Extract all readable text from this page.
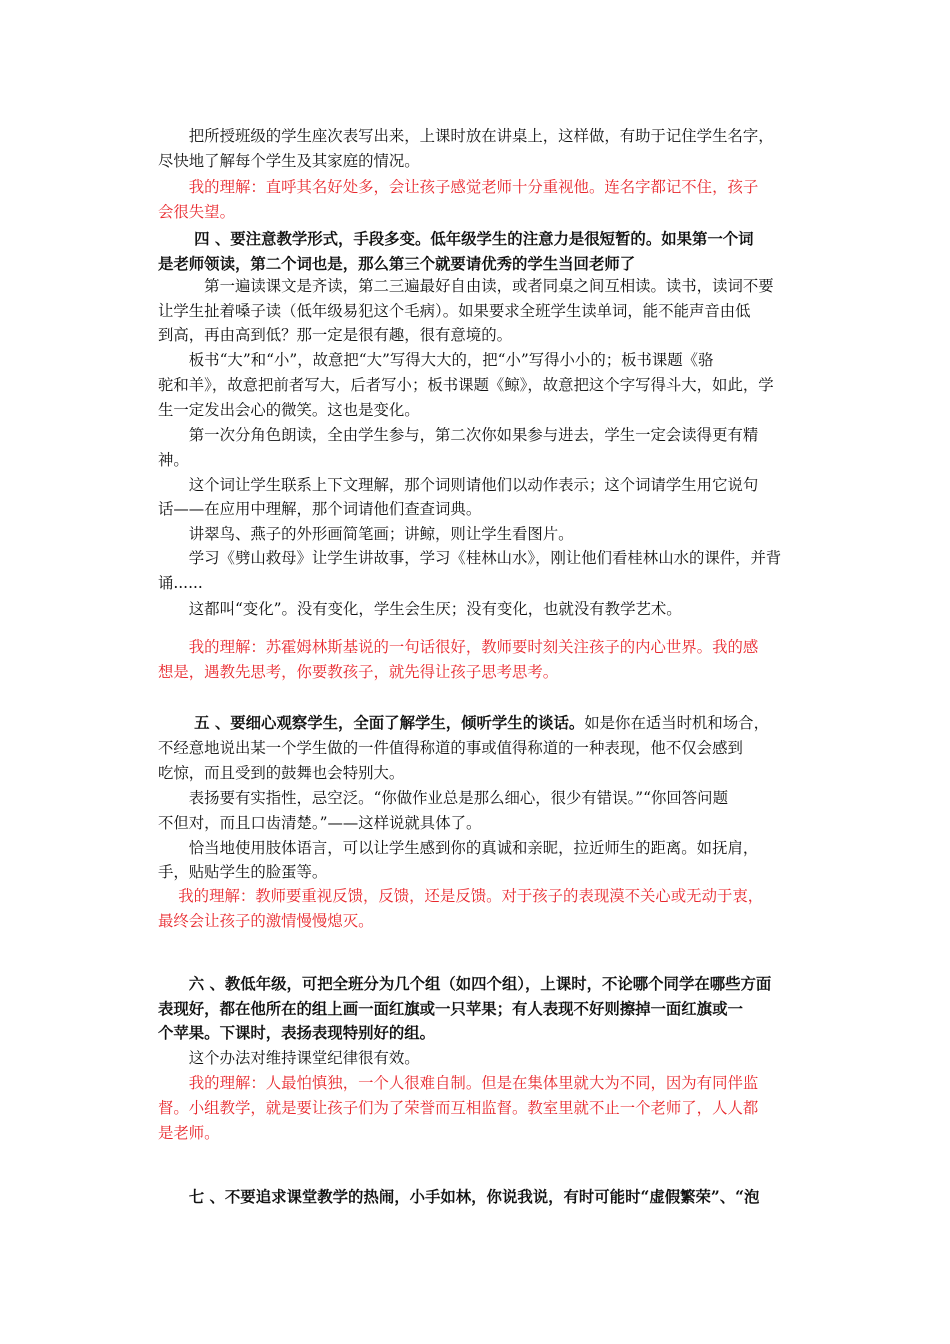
　　把所授班级的学生座次表写出来，上课时放在讲桌上，这样做，有助于记住学生名字，
尽快地了解每个学生及其家庭的情况。
　　我的理解：直呼其名好处多，会让孩子感觉老师十分重视他。连名字都记不住，孩子
会很失望。
　　 四 、要注意教学形式，手段多变。低年级学生的注意力是很短暂的。如果第一个词
是老师领读，第二个词也是，那么第三个就要请优秀的学生当回老师了
　　　第一遍读课文是齐读，第二三遍最好自由读，或者同桌之间互相读。读书，读词不要
让学生扯着嗓子读（低年级易犯这个毛病）。如果要求全班学生读单词，能不能声音由低
到高，再由高到低？那一定是很有趣，很有意境的。
　　板书“大”和“小”，故意把“大”写得大大的，把“小”写得小小的；板书课题《骆
驼和羊》，故意把前者写大，后者写小；板书课题《鲸》，故意把这个字写得斗大，如此，学
生一定发出会心的微笑。这也是变化。
　　第一次分角色朗读，全由学生参与，第二次你如果参与进去，学生一定会读得更有精
神。
　　这个词让学生联系上下文理解，那个词则请他们以动作表示；这个词请学生用它说句
话——在应用中理解，那个词请他们查查词典。
　　讲翠鸟、燕子的外形画简笔画；讲鲸，则让学生看图片。
　　学习《劈山救母》让学生讲故事，学习《桂林山水》，刚让他们看桂林山水的课件，并背
诵......
　　这都叫“变化”。没有变化，学生会生厌；没有变化，也就没有教学艺术。
　　我的理解：苏霍姆林斯基说的一句话很好，教师要时刻关注孩子的内心世界。我的感
想是，遇教先思考，你要教孩子，就先得让孩子思考思考。
　　 五 、要细心观察学生，全面了解学生，倾听学生的谈话。如是你在适当时机和场合，
不经意地说出某一个学生做的一件值得称道的事或值得称道的一种表现，他不仅会感到
吃惊，而且受到的鼓舞也会特别大。
　　表扬要有实指性，忌空泛。“你做作业总是那么细心，很少有错误。”“你回答问题
不但对，而且口齿清楚。”——这样说就具体了。
　　恰当地使用肢体语言，可以让学生感到你的真诚和亲昵，拉近师生的距离。如抚肩，
手，贴贴学生的脸蛋等。
　 我的理解：教师要重视反馈，反馈，还是反馈。对于孩子的表现漠不关心或无动于衷，
最终会让孩子的激情慢慢熄灭。
　　六 、教低年级，可把全班分为几个组（如四个组），上课时，不论哪个同学在哪些方面
表现好，都在他所在的组上画一面红旗或一只苹果；有人表现不好则擦掉一面红旗或一
个苹果。下课时，表扬表现特别好的组。
　　这个办法对维持课堂纪律很有效。
　　我的理解：人最怕慎独，一个人很难自制。但是在集体里就大为不同，因为有同伴监
督。小组教学，就是要让孩子们为了荣誉而互相监督。教室里就不止一个老师了，人人都
是老师。
　　七 、不要追求课堂教学的热闹，小手如林，你说我说，有时可能时“虚假繁荣”、“泡
